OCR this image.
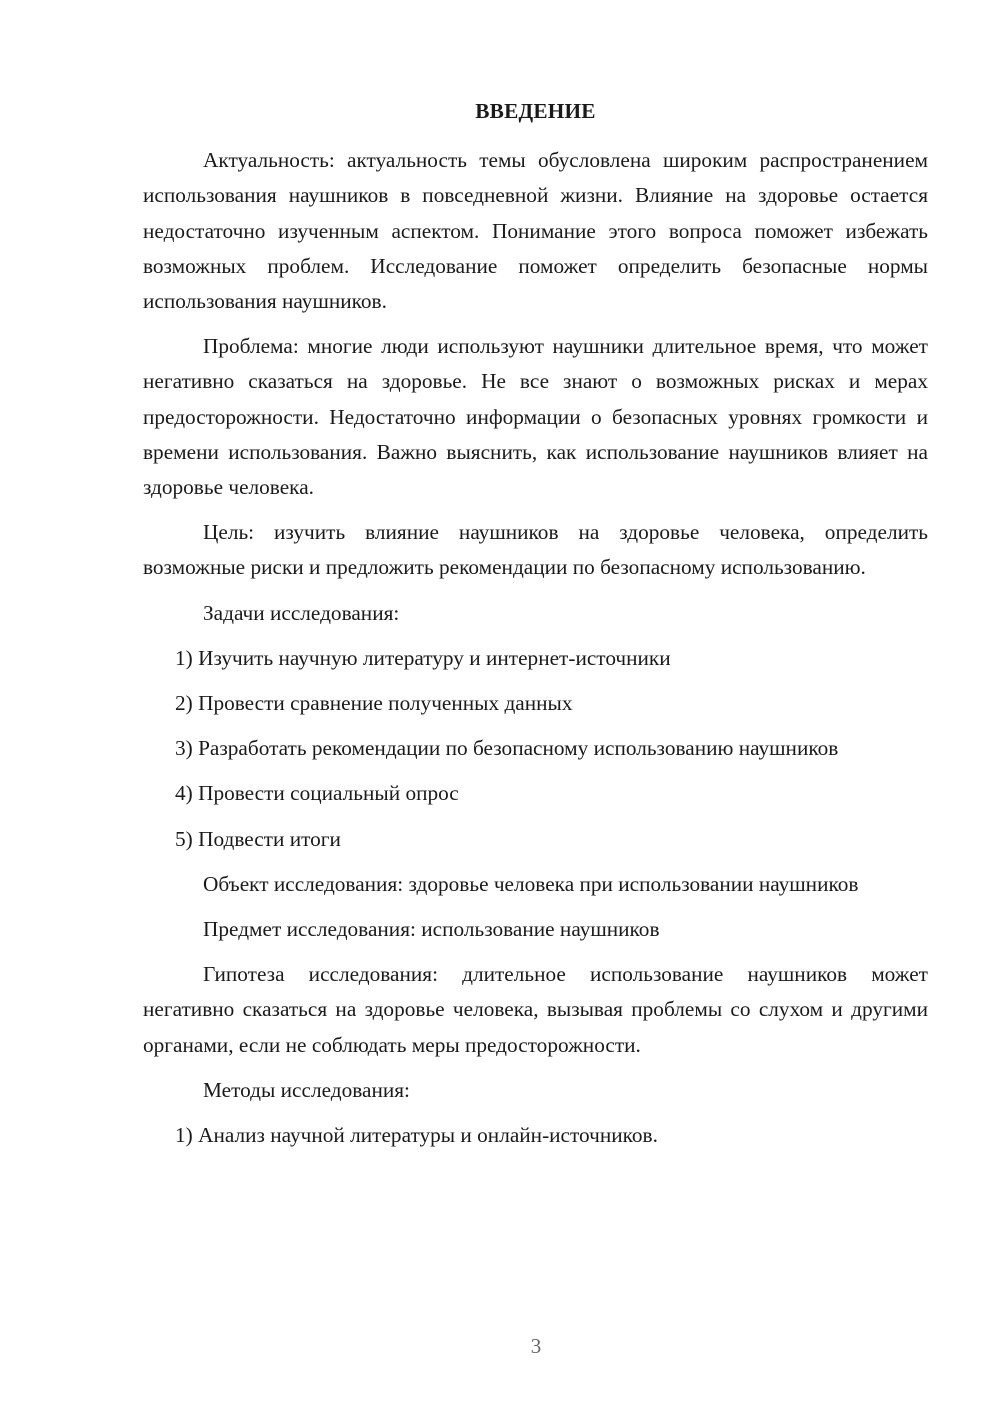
ВВЕДЕНИЕ

Актуальность: актуальность темы обусловлена широким распространением использования наушников в повседневной жизни. Влияние на здоровье остается недостаточно изученным аспектом. Понимание этого вопроса поможет избежать возможных проблем. Исследование поможет определить безопасные нормы использования наушников.

Проблема: многие люди используют наушники длительное время, что может негативно сказаться на здоровье. Не все знают о возможных рисках и мерах предосторожности. Недостаточно информации о безопасных уровнях громкости и времени использования. Важно выяснить, как использование наушников влияет на здоровье человека.

Цель: изучить влияние наушников на здоровье человека, определить возможные риски и предложить рекомендации по безопасному использованию.

Задачи исследования:

1) Изучить научную литературу и интернет-источники

2) Провести сравнение полученных данных

3) Разработать рекомендации по безопасному использованию наушников

4) Провести социальный опрос

5) Подвести итоги

Объект исследования: здоровье человека при использовании наушников

Предмет исследования: использование наушников

Гипотеза исследования: длительное использование наушников может негативно сказаться на здоровье человека, вызывая проблемы со слухом и другими органами, если не соблюдать меры предосторожности.

Методы исследования:

1) Анализ научной литературы и онлайн-источников.

3
